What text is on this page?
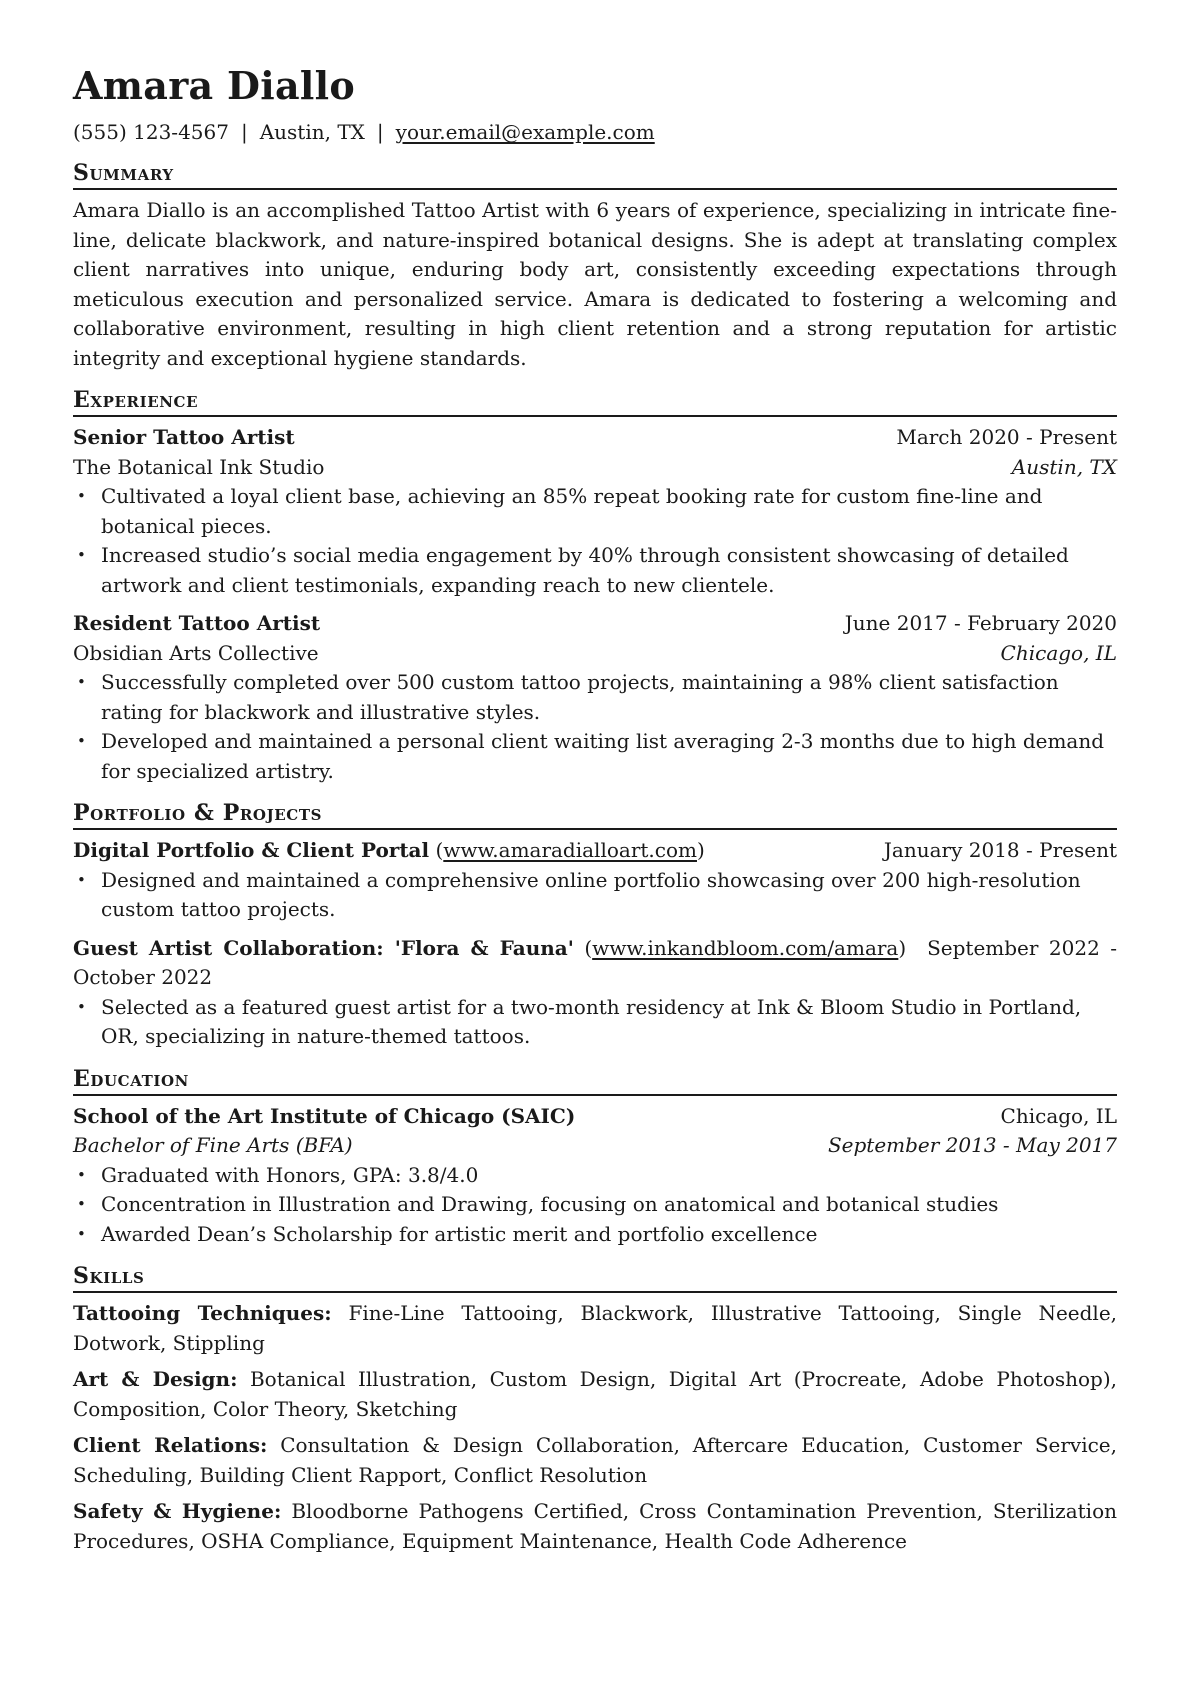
Amara Diallo
(555) 123-4567 | Austin, TX | your.email@example.com
Summary

Amara Diallo is an accomplished Tattoo Artist with 6 years of experience, specializing in intricate fine-line, delicate blackwork, and nature-inspired botanical designs. She is adept at translating complex client narratives into unique, enduring body art, consistently exceeding expectations through meticulous execution and personalized service. Amara is dedicated to fostering a welcoming and collaborative environment, resulting in high client retention and a strong reputation for artistic integrity and exceptional hygiene standards.

Experience
Senior Tattoo Artist	March 2020 - Present
The Botanical Ink Studio	Austin, TX
• Cultivated a loyal client base, achieving an 85% repeat booking rate for custom fine-line and botanical pieces.
• Increased studio’s social media engagement by 40% through consistent showcasing of detailed artwork and client testimonials, expanding reach to new clientele.
Resident Tattoo Artist	June 2017 - February 2020
Obsidian Arts Collective	Chicago, IL
• Successfully completed over 500 custom tattoo projects, maintaining a 98% client satisfaction rating for blackwork and illustrative styles.
• Developed and maintained a personal client waiting list averaging 2-3 months due to high demand for specialized artistry.
Portfolio & Projects
Digital Portfolio & Client Portal (www.amaradialloart.com)	January 2018 - Present
• Designed and maintained a comprehensive online portfolio showcasing over 200 high-resolution custom tattoo projects.
Guest Artist Collaboration: 'Flora & Fauna' (www.inkandbloom.com/amara)  September 2022 - October 2022
• Selected as a featured guest artist for a two-month residency at Ink & Bloom Studio in Portland, OR, specializing in nature-themed tattoos.
Education
School of the Art Institute of Chicago (SAIC)	Chicago, IL
Bachelor of Fine Arts (BFA)	September 2013 - May 2017
• Graduated with Honors, GPA: 3.8/4.0
• Concentration in Illustration and Drawing, focusing on anatomical and botanical studies
• Awarded Dean’s Scholarship for artistic merit and portfolio excellence
Skills

Tattooing Techniques: Fine-Line Tattooing, Blackwork, Illustrative Tattooing, Single Needle, Dotwork, Stippling

Art & Design: Botanical Illustration, Custom Design, Digital Art (Procreate, Adobe Photoshop), Composition, Color Theory, Sketching

Client Relations: Consultation & Design Collaboration, Aftercare Education, Customer Service, Scheduling, Building Client Rapport, Conflict Resolution

Safety & Hygiene: Bloodborne Pathogens Certified, Cross Contamination Prevention, Sterilization Procedures, OSHA Compliance, Equipment Maintenance, Health Code Adherence
